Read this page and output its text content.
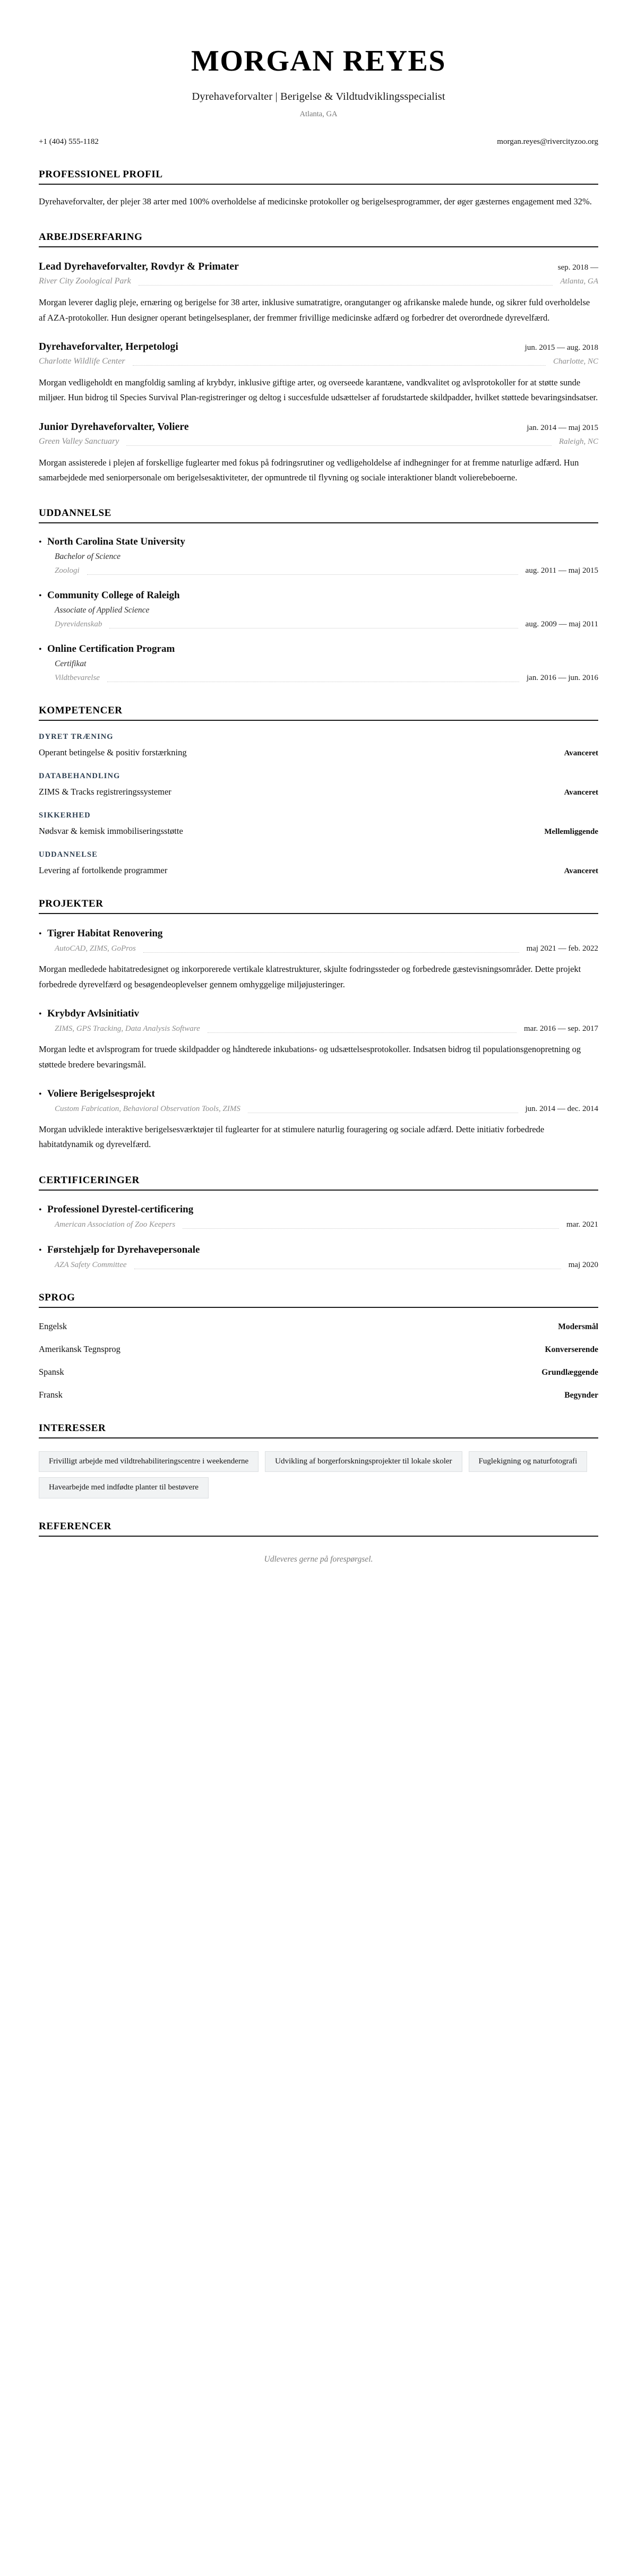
MORGAN REYES
Dyrehaveforvalter | Berigelse & Vildtudviklingsspecialist
Atlanta, GA
+1 (404) 555-1182	morgan.reyes@rivercityzoo.org
PROFESSIONEL PROFIL

Dyrehaveforvalter, der plejer 38 arter med 100% overholdelse af medicinske protokoller og berigelsesprogrammer, der øger gæsternes engagement med 32%.

ARBEJDSERFARING
Lead Dyrehaveforvalter, Rovdyr & Primater	sep. 2018 —
River City Zoological Park	Atlanta, GA

Morgan leverer daglig pleje, ernæring og berigelse for 38 arter, inklusive sumatratigre, orangutanger og afrikanske malede hunde, og sikrer fuld overholdelse af AZA-protokoller. Hun designer operant betingelsesplaner, der fremmer frivillige medicinske adfærd og forbedrer det overordnede dyrevelfærd.

Dyrehaveforvalter, Herpetologi	jun. 2015 — aug. 2018
Charlotte Wildlife Center	Charlotte, NC

Morgan vedligeholdt en mangfoldig samling af krybdyr, inklusive giftige arter, og overseede karantæne, vandkvalitet og avlsprotokoller for at støtte sunde miljøer. Hun bidrog til Species Survival Plan-registreringer og deltog i succesfulde udsættelser af forudstartede skildpadder, hvilket støttede bevaringsindsatser.

Junior Dyrehaveforvalter, Voliere	jan. 2014 — maj 2015
Green Valley Sanctuary	Raleigh, NC

Morgan assisterede i plejen af forskellige fuglearter med fokus på fodringsrutiner og vedligeholdelse af indhegninger for at fremme naturlige adfærd. Hun samarbejdede med seniorpersonale om berigelsesaktiviteter, der opmuntrede til flyvning og sociale interaktioner blandt volierebeboerne.

UDDANNELSE
• North Carolina State University
Bachelor of Science
Zoologi	aug. 2011 — maj 2015
• Community College of Raleigh
Associate of Applied Science
Dyrevidenskab	aug. 2009 — maj 2011
• Online Certification Program
Certifikat
Vildtbevarelse	jan. 2016 — jun. 2016
KOMPETENCER
DYRET TRÆNING
Operant betingelse & positiv forstærkning	Avanceret
DATABEHANDLING
ZIMS & Tracks registreringssystemer	Avanceret
SIKKERHED
Nødsvar & kemisk immobiliseringsstøtte	Mellemliggende
UDDANNELSE
Levering af fortolkende programmer	Avanceret
PROJEKTER
• Tigrer Habitat Renovering
AutoCAD, ZIMS, GoPros	maj 2021 — feb. 2022

Morgan medledede habitatredesignet og inkorporerede vertikale klatrestrukturer, skjulte fodringssteder og forbedrede gæstevisningsområder. Dette projekt forbedrede dyrevelfærd og besøgendeoplevelser gennem omhyggelige miljøjusteringer.

• Krybdyr Avlsinitiativ
ZIMS, GPS Tracking, Data Analysis Software	mar. 2016 — sep. 2017

Morgan ledte et avlsprogram for truede skildpadder og håndterede inkubations- og udsættelsesprotokoller. Indsatsen bidrog til populationsgenopretning og støttede bredere bevaringsmål.

• Voliere Berigelsesprojekt
Custom Fabrication, Behavioral Observation Tools, ZIMS	jun. 2014 — dec. 2014

Morgan udviklede interaktive berigelsesværktøjer til fuglearter for at stimulere naturlig fouragering og sociale adfærd. Dette initiativ forbedrede habitatdynamik og dyrevelfærd.

CERTIFICERINGER
• Professionel Dyrestel-certificering
American Association of Zoo Keepers	mar. 2021
• Førstehjælp for Dyrehavepersonale
AZA Safety Committee	maj 2020
SPROG
Engelsk	Modersmål
Amerikansk Tegnsprog	Konverserende
Spansk	Grundlæggende
Fransk	Begynder
INTERESSER
Frivilligt arbejde med vildtrehabiliteringscentre i weekenderne	Udvikling af borgerforskningsprojekter til lokale skoler	Fuglekigning og naturfotografi
Havearbejde med indfødte planter til bestøvere
REFERENCER
Udleveres gerne på forespørgsel.
